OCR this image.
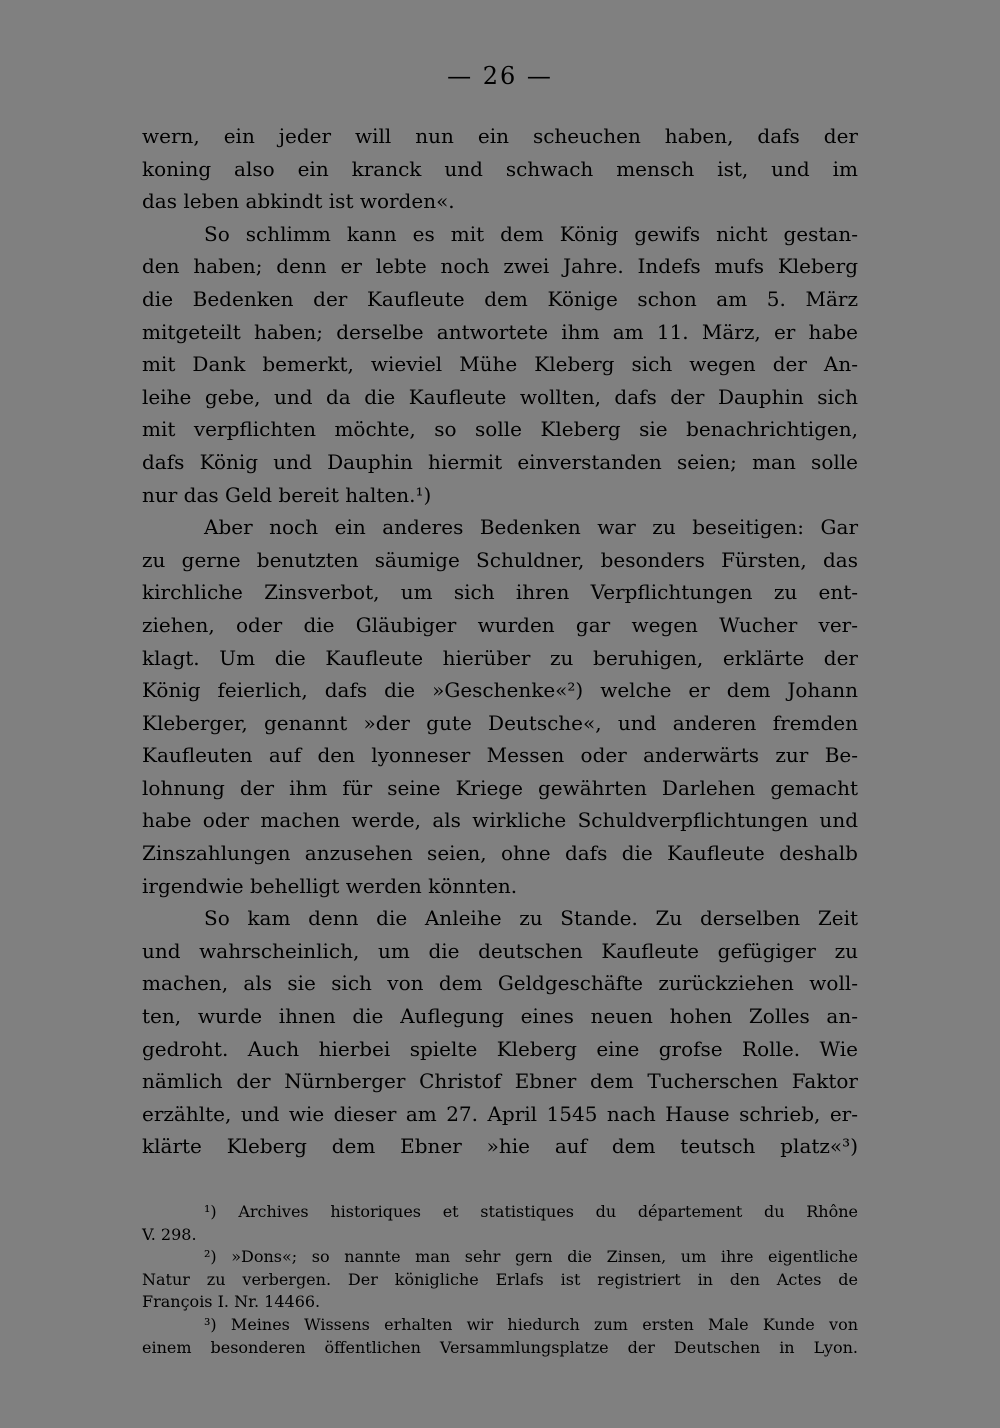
— 26 —
wern, ein jeder will nun ein scheuchen haben, dafs der
koning also ein kranck und schwach mensch ist, und im
das leben abkindt ist worden«.
So schlimm kann es mit dem König gewifs nicht gestan-
den haben; denn er lebte noch zwei Jahre. Indefs mufs Kleberg
die Bedenken der Kaufleute dem Könige schon am 5. März
mitgeteilt haben; derselbe antwortete ihm am 11. März, er habe
mit Dank bemerkt, wieviel Mühe Kleberg sich wegen der An-
leihe gebe, und da die Kaufleute wollten, dafs der Dauphin sich
mit verpflichten möchte, so solle Kleberg sie benachrichtigen,
dafs König und Dauphin hiermit einverstanden seien; man solle
nur das Geld bereit halten.¹)
Aber noch ein anderes Bedenken war zu beseitigen: Gar
zu gerne benutzten säumige Schuldner, besonders Fürsten, das
kirchliche Zinsverbot, um sich ihren Verpflichtungen zu ent-
ziehen, oder die Gläubiger wurden gar wegen Wucher ver-
klagt. Um die Kaufleute hierüber zu beruhigen, erklärte der
König feierlich, dafs die »Geschenke«²) welche er dem Johann
Kleberger, genannt »der gute Deutsche«, und anderen fremden
Kaufleuten auf den lyonneser Messen oder anderwärts zur Be-
lohnung der ihm für seine Kriege gewährten Darlehen gemacht
habe oder machen werde, als wirkliche Schuldverpflichtungen und
Zinszahlungen anzusehen seien, ohne dafs die Kaufleute deshalb
irgendwie behelligt werden könnten.
So kam denn die Anleihe zu Stande. Zu derselben Zeit
und wahrscheinlich, um die deutschen Kaufleute gefügiger zu
machen, als sie sich von dem Geldgeschäfte zurückziehen woll-
ten, wurde ihnen die Auflegung eines neuen hohen Zolles an-
gedroht. Auch hierbei spielte Kleberg eine grofse Rolle. Wie
nämlich der Nürnberger Christof Ebner dem Tucherschen Faktor
erzählte, und wie dieser am 27. April 1545 nach Hause schrieb, er-
klärte Kleberg dem Ebner »hie auf dem teutsch platz«³)
¹) Archives historiques et statistiques du département du Rhône
V. 298.
²) »Dons«; so nannte man sehr gern die Zinsen, um ihre eigentliche
Natur zu verbergen. Der königliche Erlafs ist registriert in den Actes de
François I. Nr. 14466.
³) Meines Wissens erhalten wir hiedurch zum ersten Male Kunde von
einem besonderen öffentlichen Versammlungsplatze der Deutschen in Lyon.
